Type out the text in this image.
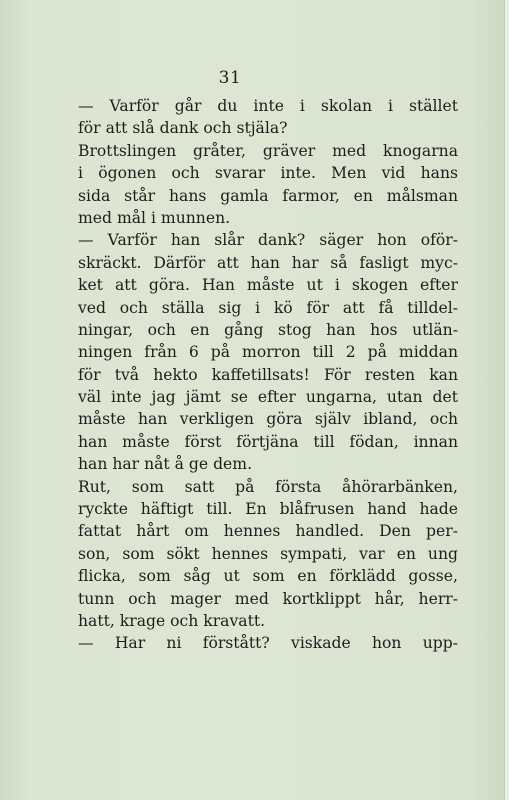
31
— Varför går du inte i skolan i stället
för att slå dank och stjäla?
Brottslingen gråter, gräver med knogarna
i ögonen och svarar inte. Men vid hans
sida står hans gamla farmor, en målsman
med mål i munnen.
— Varför han slår dank? säger hon oför-
skräckt. Därför att han har så fasligt myc-
ket att göra. Han måste ut i skogen efter
ved och ställa sig i kö för att få tilldel-
ningar, och en gång stog han hos utlän-
ningen från 6 på morron till 2 på middan
för två hekto kaffetillsats! För resten kan
väl inte jag jämt se efter ungarna, utan det
måste han verkligen göra själv ibland, och
han måste först förtjäna till födan, innan
han har nåt å ge dem.
Rut, som satt på första åhörarbänken,
ryckte häftigt till. En blåfrusen hand hade
fattat hårt om hennes handled. Den per-
son, som sökt hennes sympati, var en ung
flicka, som såg ut som en förklädd gosse,
tunn och mager med kortklippt hår, herr-
hatt, krage och kravatt.
— Har ni förstått? viskade hon upp-
